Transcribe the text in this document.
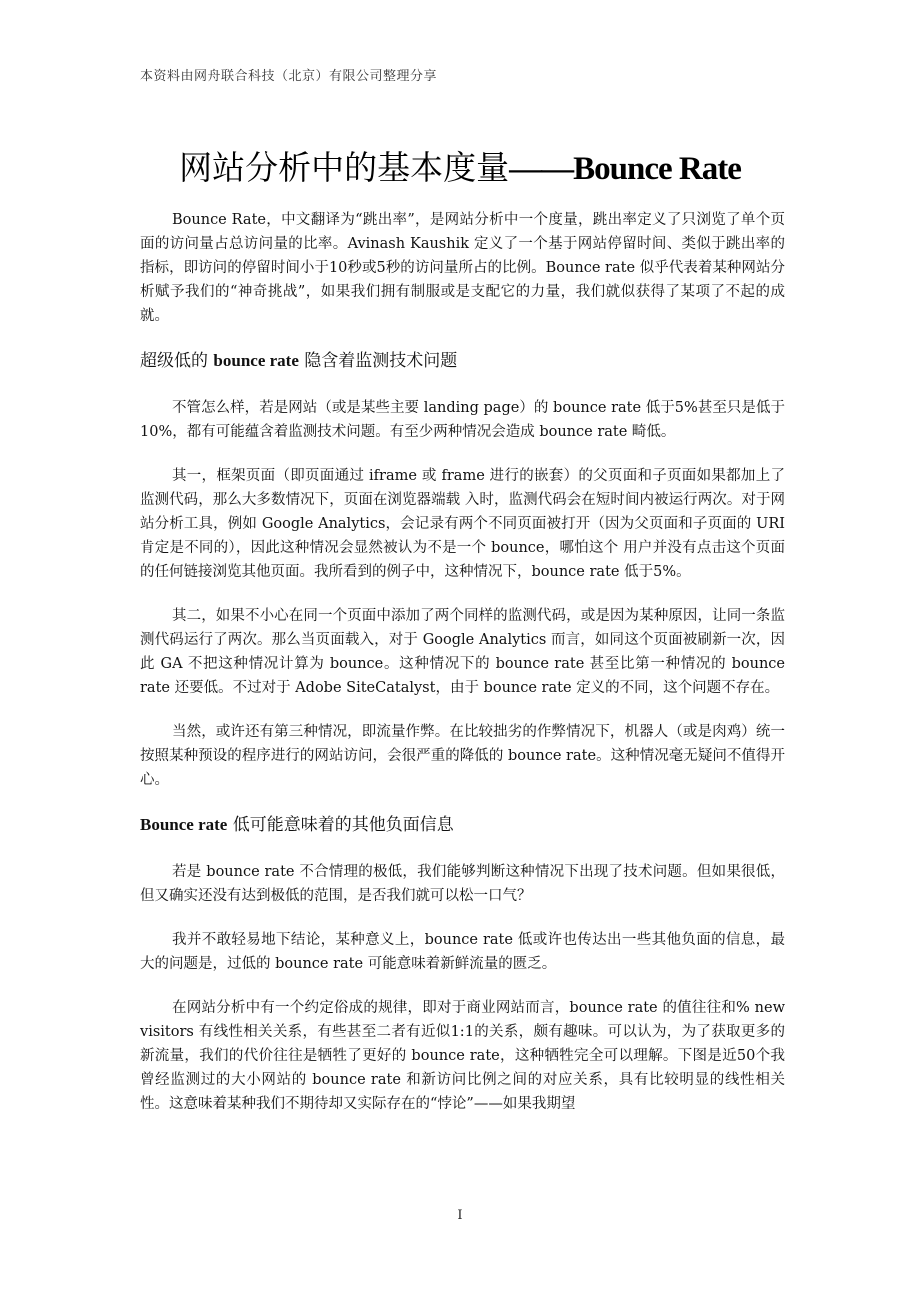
本资料由网舟联合科技（北京）有限公司整理分享
网站分析中的基本度量——Bounce Rate

Bounce Rate，中文翻译为“跳出率”，是网站分析中一个度量，跳出率定义了只浏览了单个页面的访问量占总访问量的比率。Avinash Kaushik 定义了一个基于网站停留时间、类似于跳出率的指标，即访问的停留时间小于10秒或5秒的访问量所占的比例。Bounce rate 似乎代表着某种网站分析赋予我们的“神奇挑战”，如果我们拥有制服或是支配它的力量，我们就似获得了某项了不起的成就。

超级低的 bounce rate 隐含着监测技术问题

不管怎么样，若是网站（或是某些主要 landing page）的 bounce rate 低于5%甚至只是低于10%，都有可能蕴含着监测技术问题。有至少两种情况会造成 bounce rate 畸低。

其一，框架页面（即页面通过 iframe 或 frame 进行的嵌套）的父页面和子页面如果都加上了监测代码，那么大多数情况下，页面在浏览器端载 入时，监测代码会在短时间内被运行两次。对于网站分析工具，例如 Google Analytics，会记录有两个不同页面被打开（因为父页面和子页面的 URI 肯定是不同的），因此这种情况会显然被认为不是一个 bounce，哪怕这个 用户并没有点击这个页面的任何链接浏览其他页面。我所看到的例子中，这种情况下，bounce rate 低于5%。

其二，如果不小心在同一个页面中添加了两个同样的监测代码，或是因为某种原因，让同一条监测代码运行了两次。那么当页面载入，对于 Google Analytics 而言，如同这个页面被刷新一次，因此 GA 不把这种情况计算为 bounce。这种情况下的 bounce rate 甚至比第一种情况的 bounce rate 还要低。不过对于 Adobe SiteCatalyst，由于 bounce rate 定义的不同，这个问题不存在。

当然，或许还有第三种情况，即流量作弊。在比较拙劣的作弊情况下，机器人（或是肉鸡）统一按照某种预设的程序进行的网站访问，会很严重的降低的 bounce rate。这种情况毫无疑问不值得开心。

Bounce rate 低可能意味着的其他负面信息

若是 bounce rate 不合情理的极低，我们能够判断这种情况下出现了技术问题。但如果很低，但又确实还没有达到极低的范围，是否我们就可以松一口气？

我并不敢轻易地下结论，某种意义上，bounce rate 低或许也传达出一些其他负面的信息，最大的问题是，过低的 bounce rate 可能意味着新鲜流量的匮乏。

在网站分析中有一个约定俗成的规律，即对于商业网站而言，bounce rate 的值往往和% new visitors 有线性相关关系，有些甚至二者有近似1:1的关系，颇有趣味。可以认为，为了获取更多的新流量，我们的代价往往是牺牲了更好的 bounce rate，这种牺牲完全可以理解。下图是近50个我曾经监测过的大小网站的 bounce rate 和新访问比例之间的对应关系，具有比较明显的线性相关性。这意味着某种我们不期待却又实际存在的“悖论”——如果我期望

I
